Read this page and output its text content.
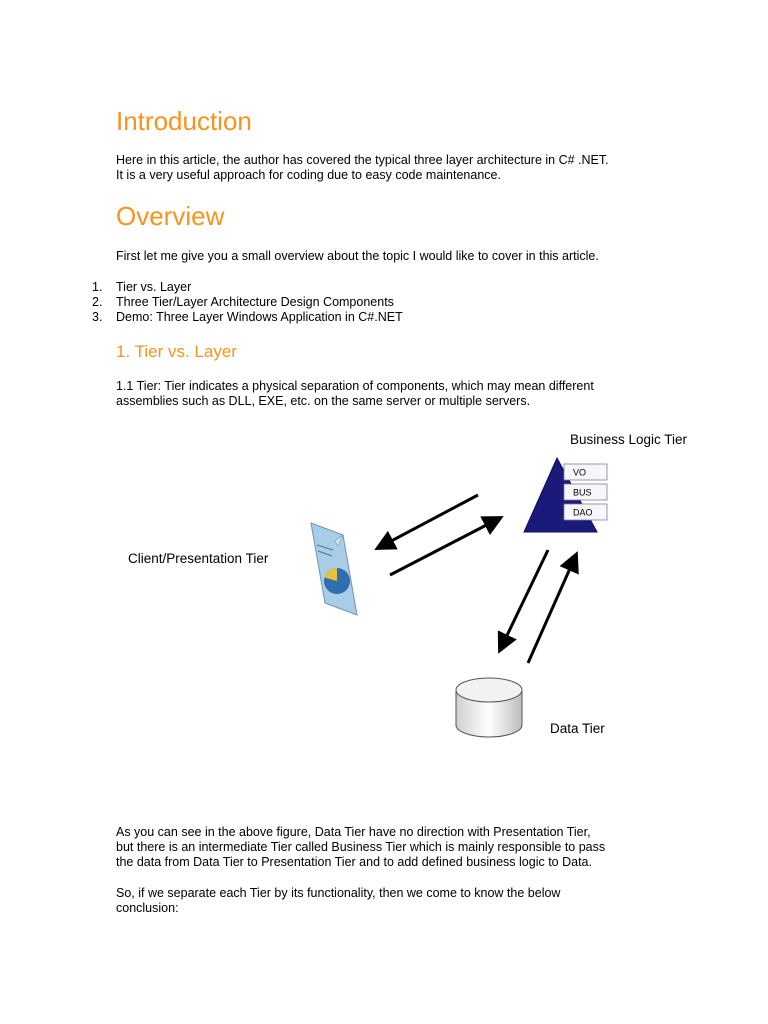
Introduction

Here in this article, the author has covered the typical three layer architecture in C# .NET.
It is a very useful approach for coding due to easy code maintenance.

Overview

First let me give you a small overview about the topic I would like to cover in this article.

1.	Tier vs. Layer
2.	Three Tier/Layer Architecture Design Components
3.	Demo: Three Layer Windows Application in C#.NET
1. Tier vs. Layer

1.1 Tier: Tier indicates a physical separation of components, which may mean different
assemblies such as DLL, EXE, etc. on the same server or multiple servers.

Business Logic Tier
VO
BUS
DAO
Client/Presentation Tier
Data Tier

As you can see in the above figure, Data Tier have no direction with Presentation Tier,
but there is an intermediate Tier called Business Tier which is mainly responsible to pass
the data from Data Tier to Presentation Tier and to add defined business logic to Data.

So, if we separate each Tier by its functionality, then we come to know the below
conclusion:
